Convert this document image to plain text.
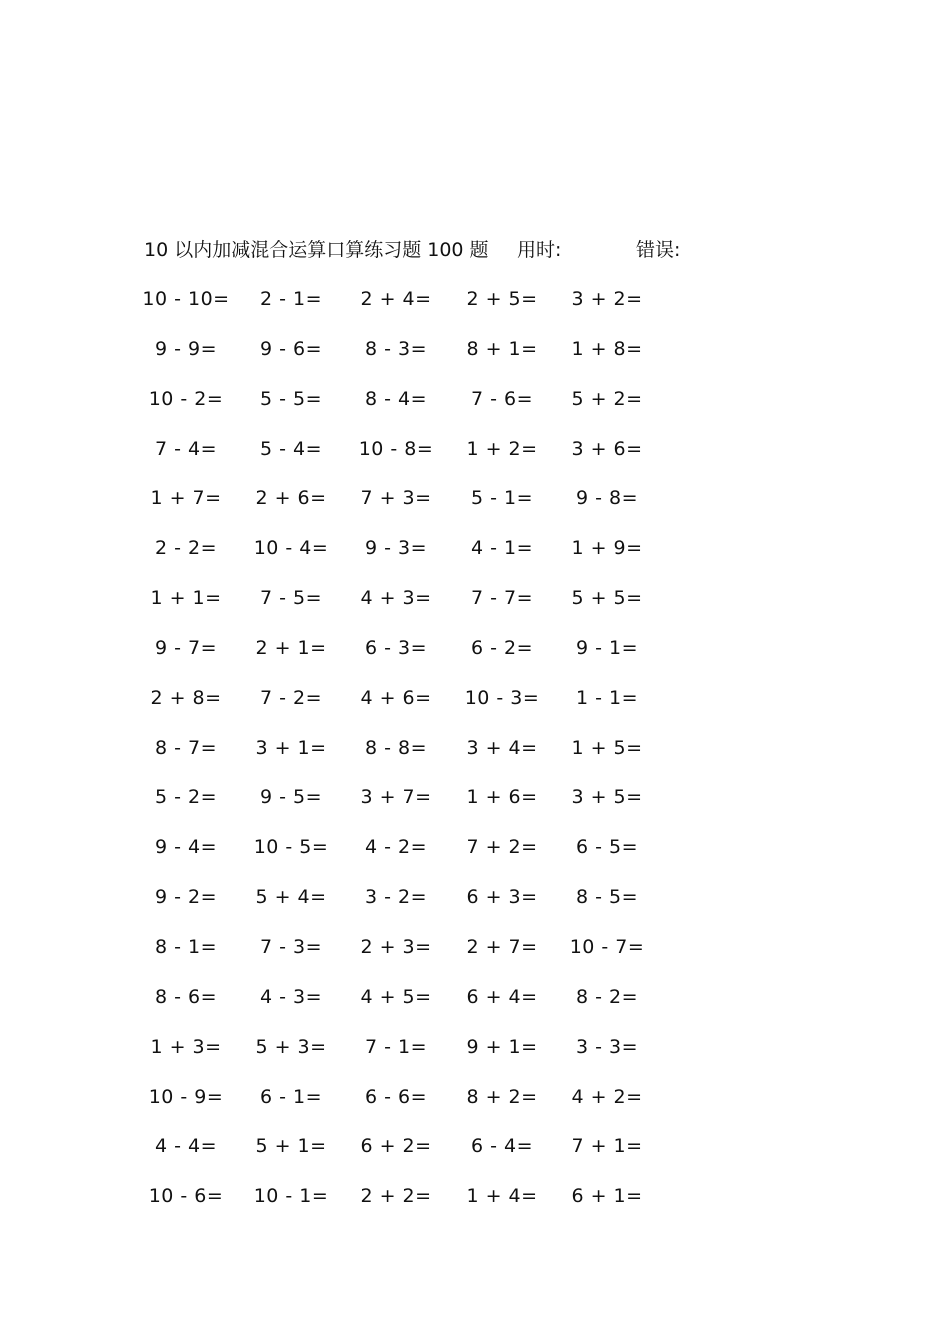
10 以内加减混合运算口算练习题 100 题 用时:	错误:
10 - 10=	2 - 1=	2 + 4=	2 + 5=	3 + 2=
9 - 9=	9 - 6=	8 - 3=	8 + 1=	1 + 8=
10 - 2=	5 - 5=	8 - 4=	7 - 6=	5 + 2=
7 - 4=	5 - 4=	10 - 8=	1 + 2=	3 + 6=
1 + 7=	2 + 6=	7 + 3=	5 - 1=	9 - 8=
2 - 2=	10 - 4=	9 - 3=	4 - 1=	1 + 9=
1 + 1=	7 - 5=	4 + 3=	7 - 7=	5 + 5=
9 - 7=	2 + 1=	6 - 3=	6 - 2=	9 - 1=
2 + 8=	7 - 2=	4 + 6=	10 - 3=	1 - 1=
8 - 7=	3 + 1=	8 - 8=	3 + 4=	1 + 5=
5 - 2=	9 - 5=	3 + 7=	1 + 6=	3 + 5=
9 - 4=	10 - 5=	4 - 2=	7 + 2=	6 - 5=
9 - 2=	5 + 4=	3 - 2=	6 + 3=	8 - 5=
8 - 1=	7 - 3=	2 + 3=	2 + 7=	10 - 7=
8 - 6=	4 - 3=	4 + 5=	6 + 4=	8 - 2=
1 + 3=	5 + 3=	7 - 1=	9 + 1=	3 - 3=
10 - 9=	6 - 1=	6 - 6=	8 + 2=	4 + 2=
4 - 4=	5 + 1=	6 + 2=	6 - 4=	7 + 1=
10 - 6=	10 - 1=	2 + 2=	1 + 4=	6 + 1=
